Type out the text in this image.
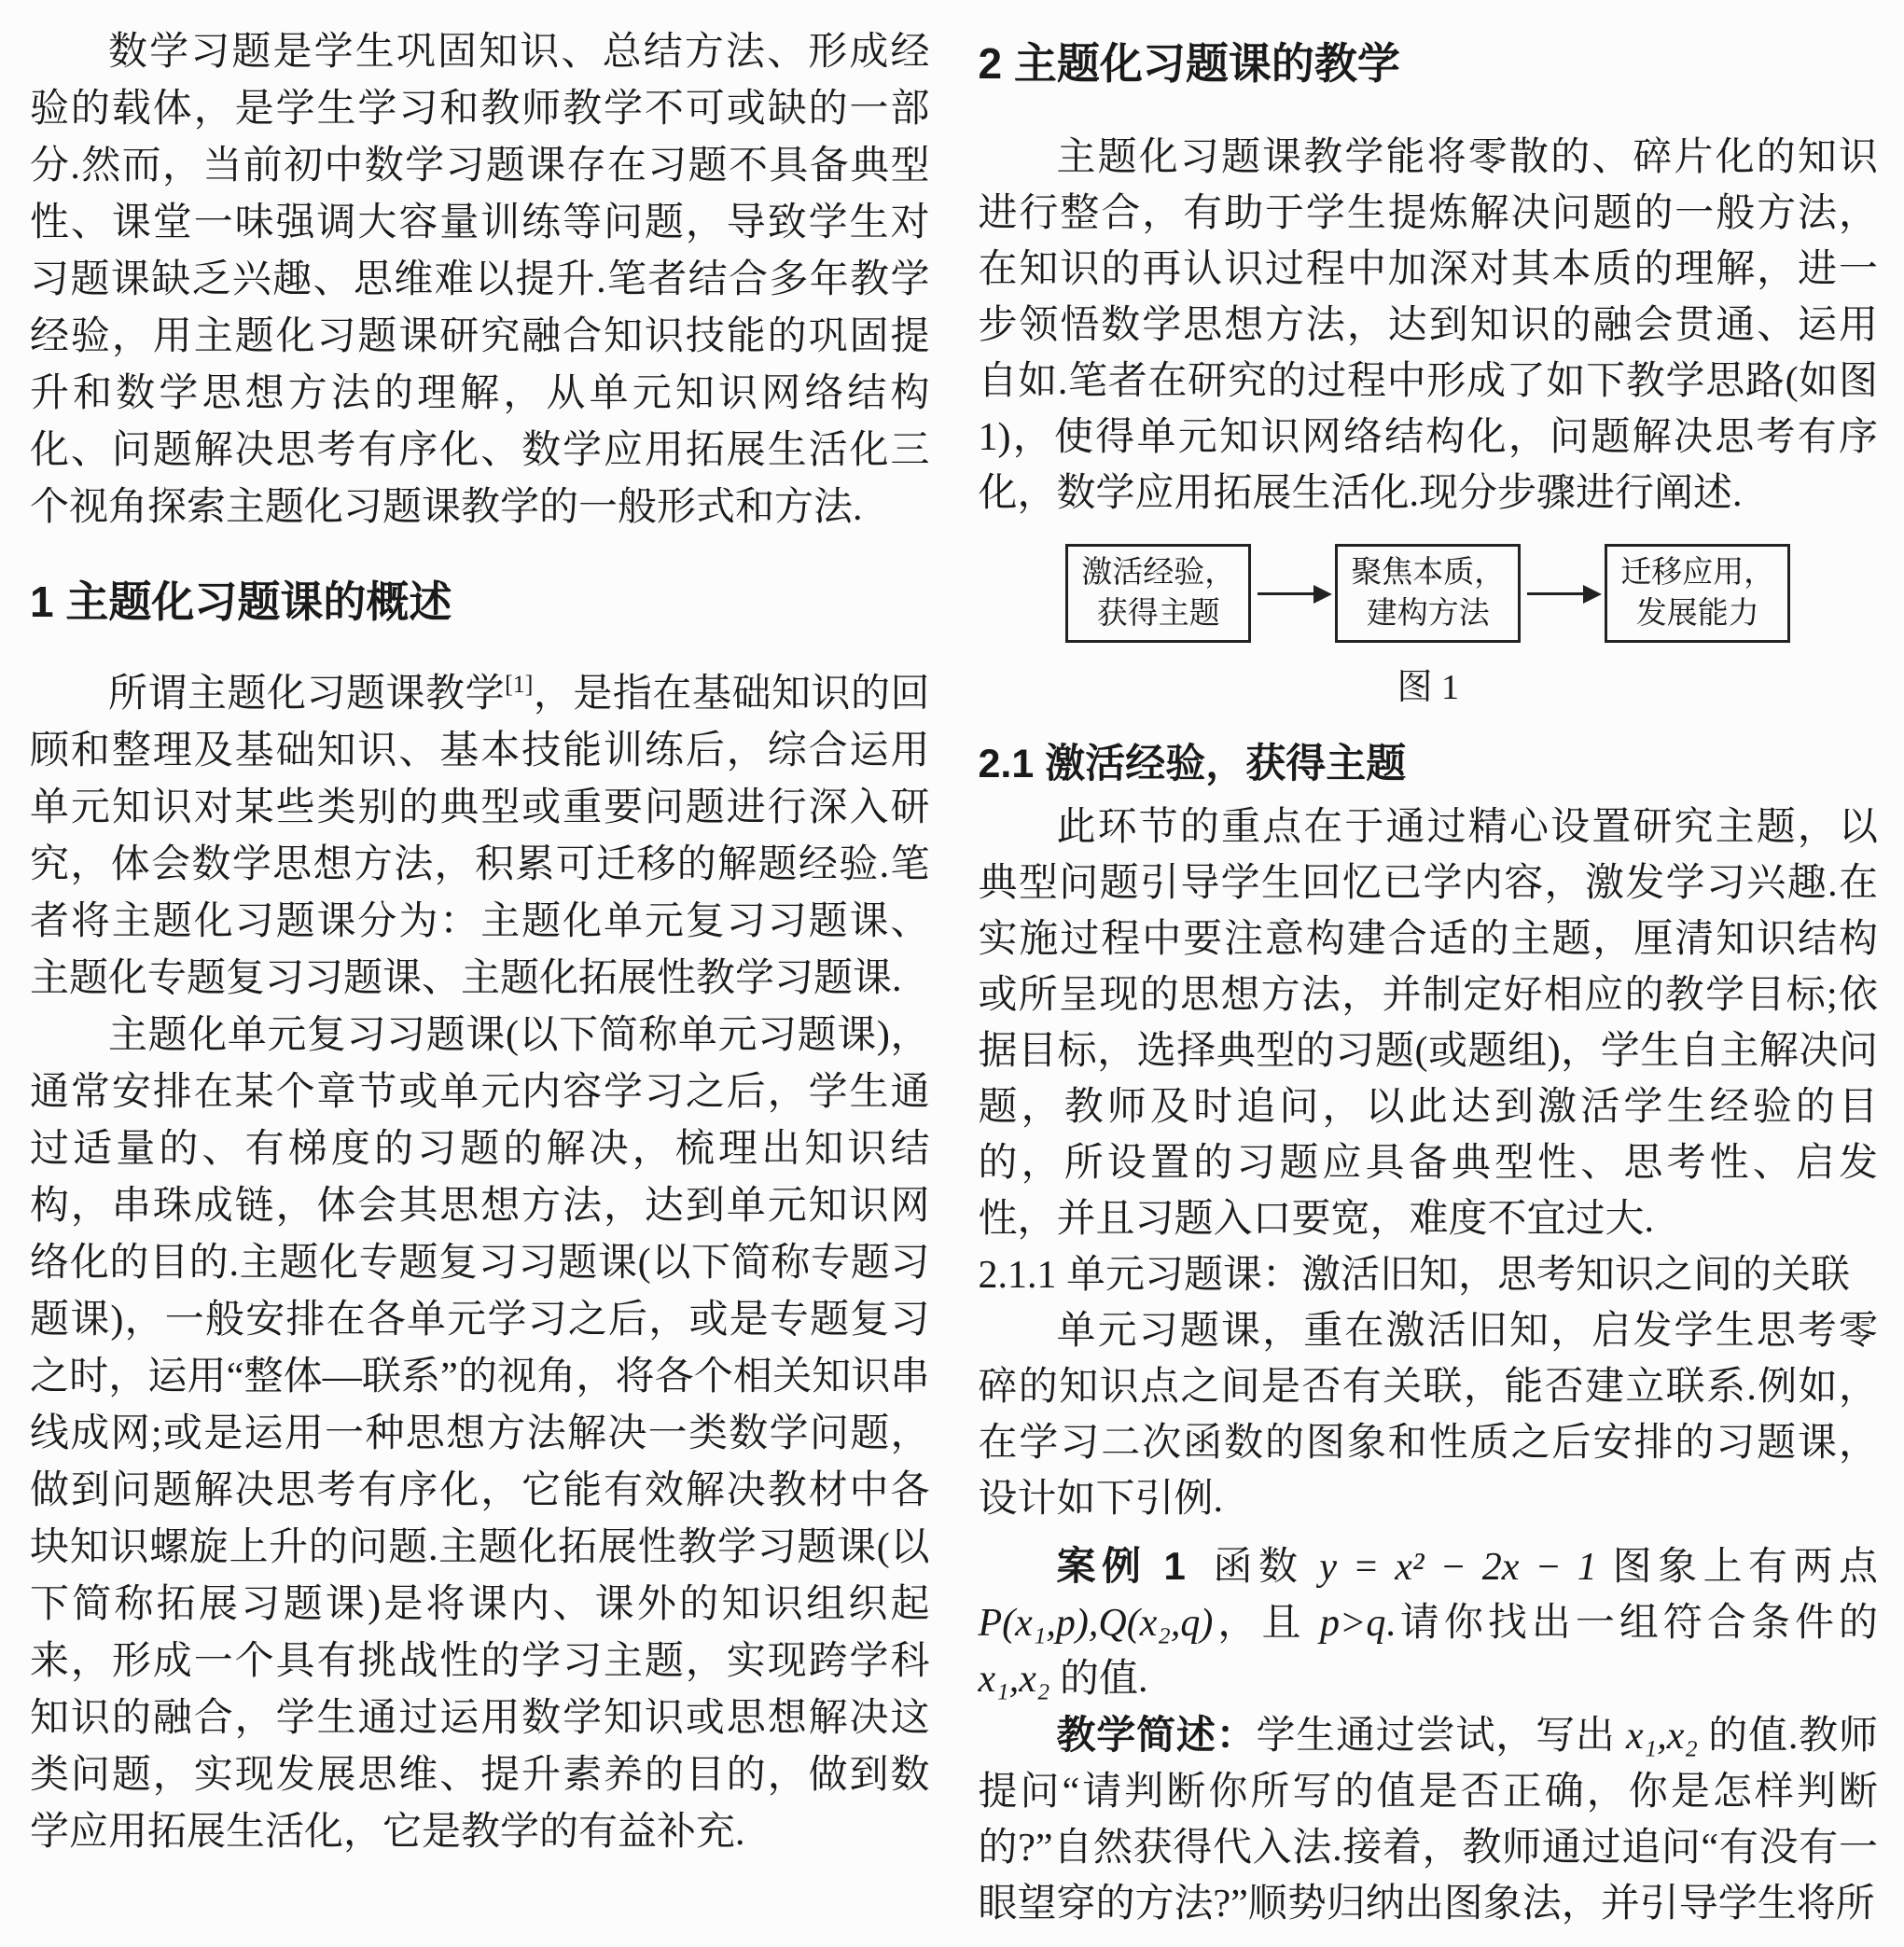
数学习题是学生巩固知识、总结方法、形成经验的载体，是学生学习和教师教学不可或缺的一部分.然而，当前初中数学习题课存在习题不具备典型性、课堂一味强调大容量训练等问题，导致学生对习题课缺乏兴趣、思维难以提升.笔者结合多年教学经验，用主题化习题课研究融合知识技能的巩固提升和数学思想方法的理解，从单元知识网络结构化、问题解决思考有序化、数学应用拓展生活化三个视角探索主题化习题课教学的一般形式和方法.

1 主题化习题课的概述

所谓主题化习题课教学[1]，是指在基础知识的回顾和整理及基础知识、基本技能训练后，综合运用单元知识对某些类别的典型或重要问题进行深入研究，体会数学思想方法，积累可迁移的解题经验.笔者将主题化习题课分为：主题化单元复习习题课、主题化专题复习习题课、主题化拓展性教学习题课.

主题化单元复习习题课(以下简称单元习题课)，通常安排在某个章节或单元内容学习之后，学生通过适量的、有梯度的习题的解决，梳理出知识结构，串珠成链，体会其思想方法，达到单元知识网络化的目的.主题化专题复习习题课(以下简称专题习题课)，一般安排在各单元学习之后，或是专题复习之时，运用“整体—联系”的视角，将各个相关知识串线成网;或是运用一种思想方法解决一类数学问题，做到问题解决思考有序化，它能有效解决教材中各块知识螺旋上升的问题.主题化拓展性教学习题课(以下简称拓展习题课)是将课内、课外的知识组织起来，形成一个具有挑战性的学习主题，实现跨学科知识的融合，学生通过运用数学知识或思想解决这类问题，实现发展思维、提升素养的目的，做到数学应用拓展生活化，它是教学的有益补充.

2 主题化习题课的教学

主题化习题课教学能将零散的、碎片化的知识进行整合，有助于学生提炼解决问题的一般方法，在知识的再认识过程中加深对其本质的理解，进一步领悟数学思想方法，达到知识的融会贯通、运用自如.笔者在研究的过程中形成了如下教学思路(如图 1)，使得单元知识网络结构化，问题解决思考有序化，数学应用拓展生活化.现分步骤进行阐述.

激活经验，
获得主题
聚焦本质，
建构方法
迁移应用，
发展能力
图 1
2.1 激活经验，获得主题

此环节的重点在于通过精心设置研究主题，以典型问题引导学生回忆已学内容，激发学习兴趣.在实施过程中要注意构建合适的主题，厘清知识结构或所呈现的思想方法，并制定好相应的教学目标;依据目标，选择典型的习题(或题组)，学生自主解决问题，教师及时追问，以此达到激活学生经验的目的，所设置的习题应具备典型性、思考性、启发性，并且习题入口要宽，难度不宜过大.

2.1.1 单元习题课：激活旧知，思考知识之间的关联

单元习题课，重在激活旧知，启发学生思考零碎的知识点之间是否有关联，能否建立联系.例如，在学习二次函数的图象和性质之后安排的习题课，设计如下引例.

案例 1 函数 y = x² − 2x − 1 图象上有两点 P(x₁,p),Q(x₂,q)，且 p>q.请你找出一组符合条件的 x₁,x₂ 的值.

教学简述：学生通过尝试，写出 x₁,x₂ 的值.教师提问“请判断你所写的值是否正确，你是怎样判断的?”自然获得代入法.接着，教师通过追问“有没有一眼望穿的方法?”顺势归纳出图象法，并引导学生将所
